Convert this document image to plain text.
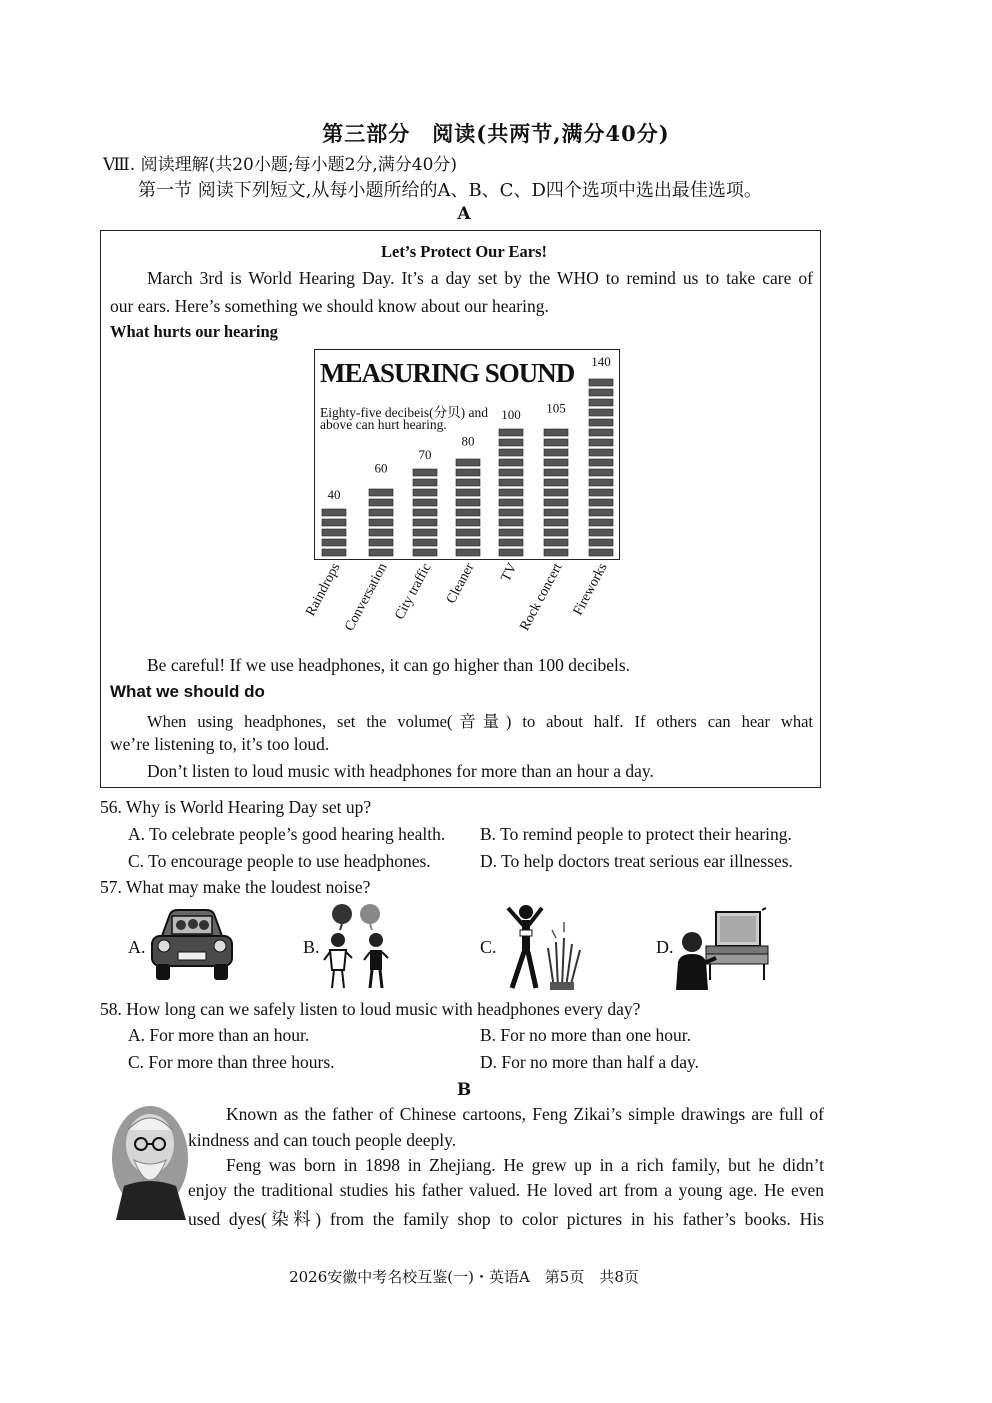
第三部分　阅读(共两节,满分40分)
Ⅷ. 阅读理解(共20小题;每小题2分,满分40分)
第一节 阅读下列短文,从每小题所给的A、B、C、D四个选项中选出最佳选项。
A
Let’s Protect Our Ears!
March 3rd is World Hearing Day. It’s a day set by the WHO to remind us to take care of
our ears. Here’s something we should know about our hearing.
What hurts our hearing
MEASURING SOUND
Eighty-five decibeis(分贝) and
above can hurt hearing.
40
Raindrops
60
Conversation
70
City traffic
80
Cleaner
100
TV
105
Rock concert
140
Fireworks
Be careful! If we use headphones, it can go higher than 100 decibels.
What we should do
When using headphones, set the volume(音量) to about half. If others can hear what
we’re listening to, it’s too loud.
Don’t listen to loud music with headphones for more than an hour a day.
56. Why is World Hearing Day set up?
A. To celebrate people’s good hearing health. B. To remind people to protect their hearing.
C. To encourage people to use headphones.	D. To help doctors treat serious ear illnesses.
57. What may make the loudest noise?
A.	B.	C.	D.
58. How long can we safely listen to loud music with headphones every day?
A. For more than an hour.	B. For no more than one hour.
C. For more than three hours.	D. For no more than half a day.
B
Known as the father of Chinese cartoons, Feng Zikai’s simple drawings are full of
kindness and can touch people deeply.
Feng was born in 1898 in Zhejiang. He grew up in a rich family, but he didn’t
enjoy the traditional studies his father valued. He loved art from a young age. He even
used dyes(染料) from the family shop to color pictures in his father’s books. His
2026安徽中考名校互鉴(一)・英语A　第5页　共8页
